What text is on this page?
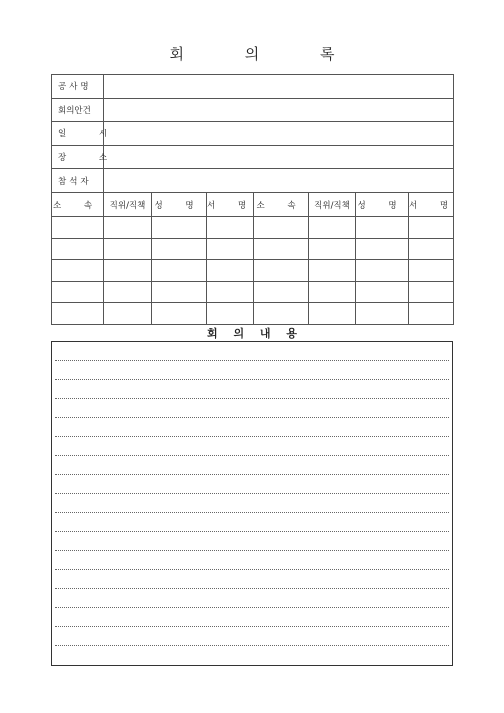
회 의 록
공사명							
회의안건							
일 시							
장 소							
참석자							
소 속	직위/직책	성 명	서 명	소 속	직위/직책	성 명	서 명

회 의 내 용
